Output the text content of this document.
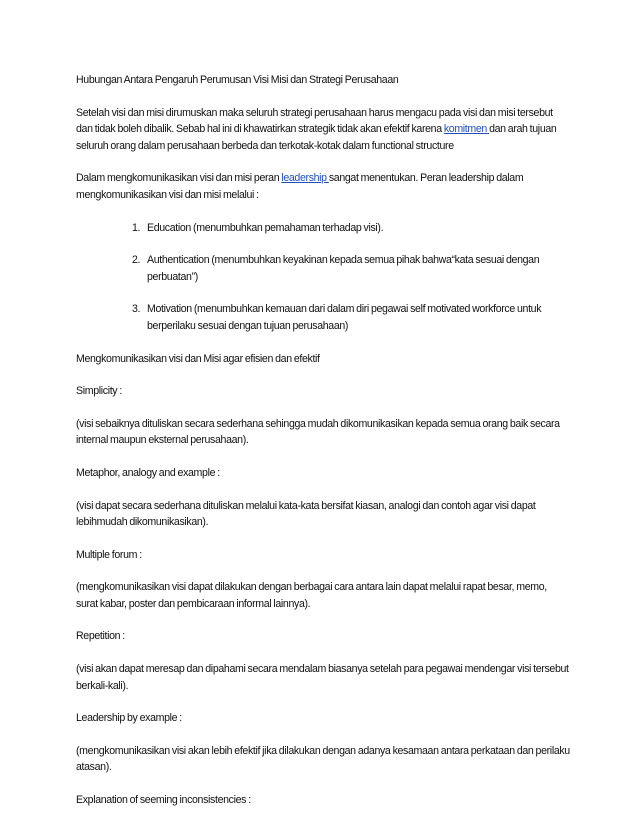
Hubungan Antara Pengaruh Perumusan Visi Misi dan Strategi Perusahaan

Setelah visi dan misi dirumuskan maka seluruh strategi perusahaan harus mengacu pada visi dan misi tersebut dan tidak boleh dibalik. Sebab hal ini di khawatirkan strategik tidak akan efektif karena komitmen dan arah tujuan seluruh orang dalam perusahaan berbeda dan terkotak-kotak dalam functional structure

Dalam mengkomunikasikan visi dan misi peran leadership sangat menentukan. Peran leadership dalam mengkomunikasikan visi dan misi melalui :

1. Education (menumbuhkan pemahaman terhadap visi).
2. Authentication (menumbuhkan keyakinan kepada semua pihak bahwa“kata sesuai dengan perbuatan”)
3. Motivation (menumbuhkan kemauan dari dalam diri pegawai self motivated workforce untuk berperilaku sesuai dengan tujuan perusahaan)

Mengkomunikasikan visi dan Misi agar efisien dan efektif

Simplicity :

(visi sebaiknya dituliskan secara sederhana sehingga mudah dikomunikasikan kepada semua orang baik secara internal maupun eksternal perusahaan).

Metaphor, analogy and example :

(visi dapat secara sederhana dituliskan melalui kata-kata bersifat kiasan, analogi dan contoh agar visi dapat lebihmudah dikomunikasikan).

Multiple forum :

(mengkomunikasikan visi dapat dilakukan dengan berbagai cara antara lain dapat melalui rapat besar, memo, surat kabar, poster dan pembicaraan informal lainnya).

Repetition :

(visi akan dapat meresap dan dipahami secara mendalam biasanya setelah para pegawai mendengar visi tersebut berkali-kali).

Leadership by example :

(mengkomunikasikan visi akan lebih efektif jika dilakukan dengan adanya kesamaan antara perkataan dan perilaku atasan).

Explanation of seeming inconsistencies :
